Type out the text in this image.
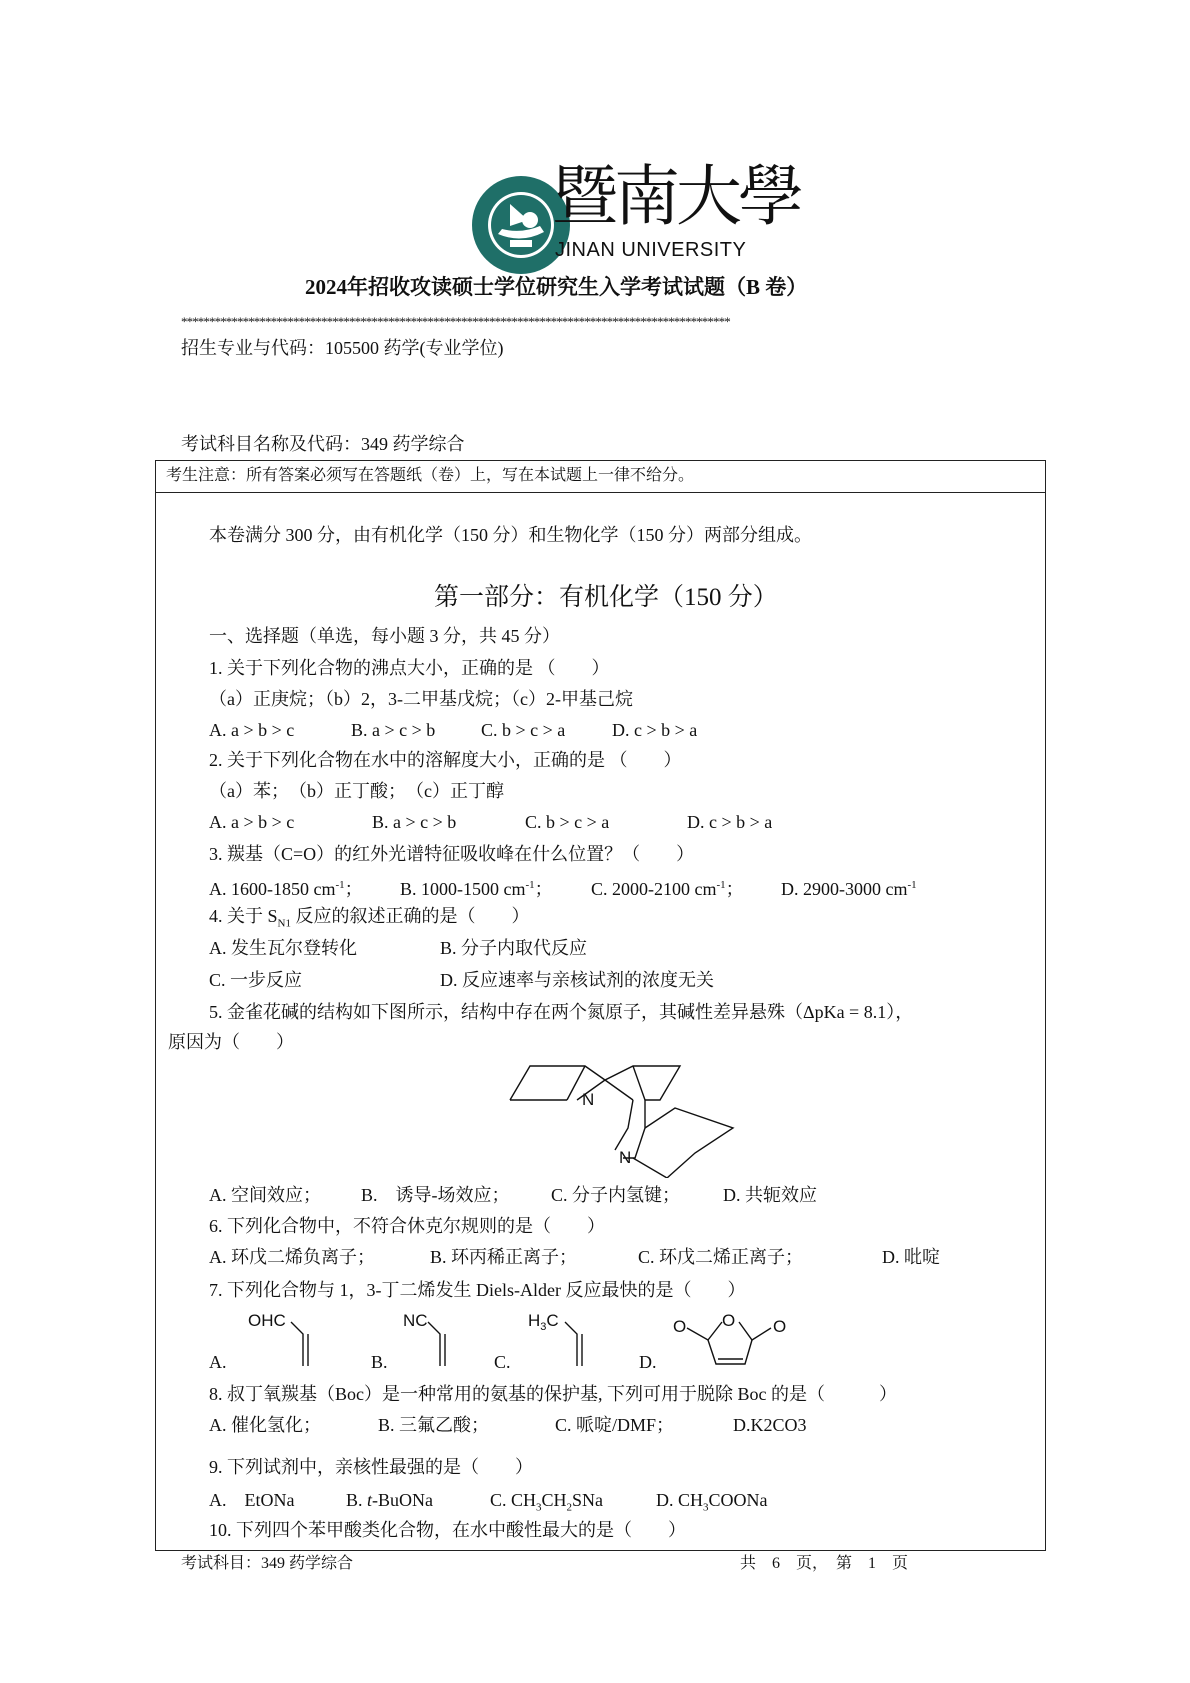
暨南大學
JINAN UNIVERSITY
2024年招收攻读硕士学位研究生入学考试试题（B 卷）
**************************************************************************************************
招生专业与代码：105500 药学(专业学位)
考试科目名称及代码：349 药学综合
考生注意：所有答案必须写在答题纸（卷）上，写在本试题上一律不给分。
本卷满分 300 分，由有机化学（150 分）和生物化学（150 分）两部分组成。
第一部分：有机化学（150 分）
一、选择题（单选，每小题 3 分，共 45 分）
1. 关于下列化合物的沸点大小，正确的是 （　　）
（a）正庚烷；（b）2，3-二甲基戊烷；（c）2-甲基己烷
A. a > b > c	B. a > c > b	C. b > c > a	D. c > b > a
2. 关于下列化合物在水中的溶解度大小，正确的是 （　　）
（a）苯；　（b）正丁酸；　（c）正丁醇
A. a > b > c	B. a > c > b	C. b > c > a	D. c > b > a
3. 羰基（C=O）的红外光谱特征吸收峰在什么位置？（　　）
A. 1600-1850 $cm^{-1}$； B. 1000-1500 $cm^{-1}$； C. 2000-2100 $cm^{-1}$； D. 2900-3000 $cm^{-1}$
4. 关于 $S_{N1}$ 反应的叙述正确的是（　　）
A. 发生瓦尔登转化	B. 分子内取代反应
C. 一步反应	D. 反应速率与亲核试剂的浓度无关
5. 金雀花碱的结构如下图所示，结构中存在两个氮原子，其碱性差异悬殊（ΔpKa = 8.1），
原因为（　　）
N
N
A. 空间效应； B.　诱导-场效应； C. 分子内氢键； D. 共轭效应
6. 下列化合物中，不符合休克尔规则的是（　　）
A. 环戊二烯负离子；	B. 环丙稀正离子；	C. 环戊二烯正离子；	D. 吡啶
7. 下列化合物与 1，3-丁二烯发生 Diels-Alder 反应最快的是（　　）
A.	B.	C.	D.
OHC	NC	$H_3C$	O O O
8. 叔丁氧羰基（Boc）是一种常用的氨基的保护基, 下列可用于脱除 Boc 的是（　　　）
A. 催化氢化；	B. 三氟乙酸；	C. 哌啶/DMF；	D.K2CO3
9. 下列试剂中，亲核性最强的是（　　）
A.　EtONa	B. t-BuONa	C. $CH_3CH_2SNa$	D. $CH_3COONa$
10. 下列四个苯甲酸类化合物，在水中酸性最大的是（　　）
考试科目：349 药学综合	共　6　页，　第　1　页
